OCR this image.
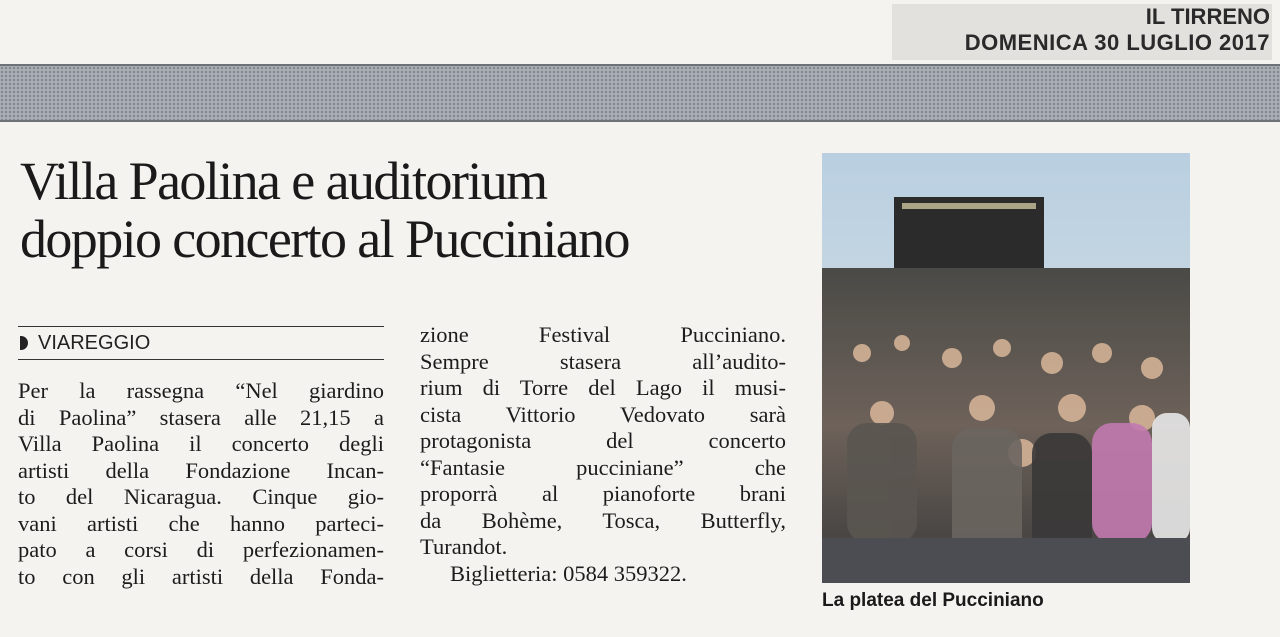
IL TIRRENO
DOMENICA 30 LUGLIO 2017
Villa Paolina e auditorium
doppio concerto al Pucciniano
VIAREGGIO
Per la rassegna “Nel giardino
di Paolina” stasera alle 21,15 a
Villa Paolina il concerto degli
artisti della Fondazione Incan-
to del Nicaragua. Cinque gio-
vani artisti che hanno parteci-
pato a corsi di perfezionamen-
to con gli artisti della Fonda-
zione Festival Pucciniano.
Sempre stasera all’audito-
rium di Torre del Lago il musi-
cista Vittorio Vedovato sarà
protagonista del concerto
“Fantasie pucciniane” che
proporrà al pianoforte brani
da Bohème, Tosca, Butterfly,
Turandot.
Biglietteria: 0584 359322.
La platea del Pucciniano
